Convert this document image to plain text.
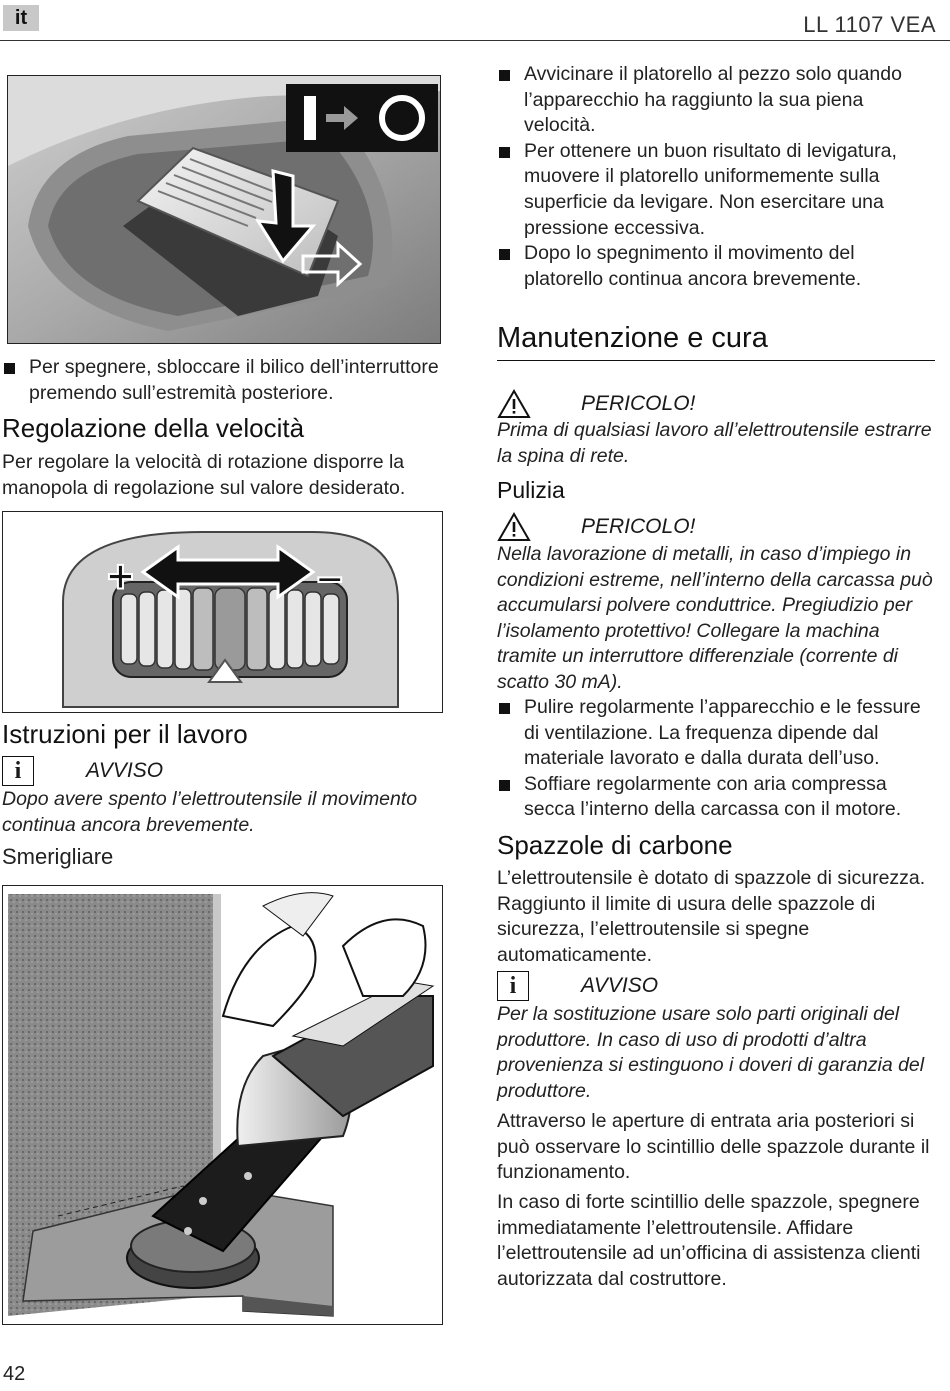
it	LL 1107 VEA
Per spegnere, sbloccare il bilico dell’interruttore premendo sull’estremità posteriore.
Regolazione della velocità
Per regolare la velocità di rotazione disporre la manopola di regolazione sul valore desiderato.
+	–
Istruzioni per il lavoro
i	AVVISO
Dopo avere spento l’elettroutensile il movimento continua ancora brevemente.
Smerigliare
Avvicinare il platorello al pezzo solo quando l’apparecchio ha raggiunto la sua piena velocità.
Per ottenere un buon risultato di levigatura, muovere il platorello uniformemente sulla superficie da levigare. Non esercitare una pressione eccessiva.
Dopo lo spegnimento il movimento del platorello continua ancora brevemente.
Manutenzione e cura
PERICOLO!
Prima di qualsiasi lavoro all’elettroutensile estrarre la spina di rete.
Pulizia
PERICOLO!
Nella lavorazione di metalli, in caso d’impiego in condizioni estreme, nell’interno della carcassa può accumularsi polvere conduttrice. Pregiudizio per l’isolamento protettivo! Collegare la machina tramite un interruttore differenziale (corrente di scatto 30 mA).
Pulire regolarmente l’apparecchio e le fessure di ventilazione. La frequenza dipende dal materiale lavorato e dalla durata dell’uso.
Soffiare regolarmente con aria compressa secca l’interno della carcassa con il motore.
Spazzole di carbone
L’elettroutensile è dotato di spazzole di sicurezza. Raggiunto il limite di usura delle spazzole di sicurezza, l’elettroutensile si spegne automaticamente.
i	AVVISO
Per la sostituzione usare solo parti originali del produttore. In caso di uso di prodotti d’altra provenienza si estinguono i doveri di garanzia del produttore.
Attraverso le aperture di entrata aria posteriori si può osservare lo scintillio delle spazzole durante il funzionamento.
In caso di forte scintillio delle spazzole, spegnere immediatamente l’elettroutensile. Affidare l’elettroutensile ad un’officina di assistenza clienti autorizzata dal costruttore.
42
